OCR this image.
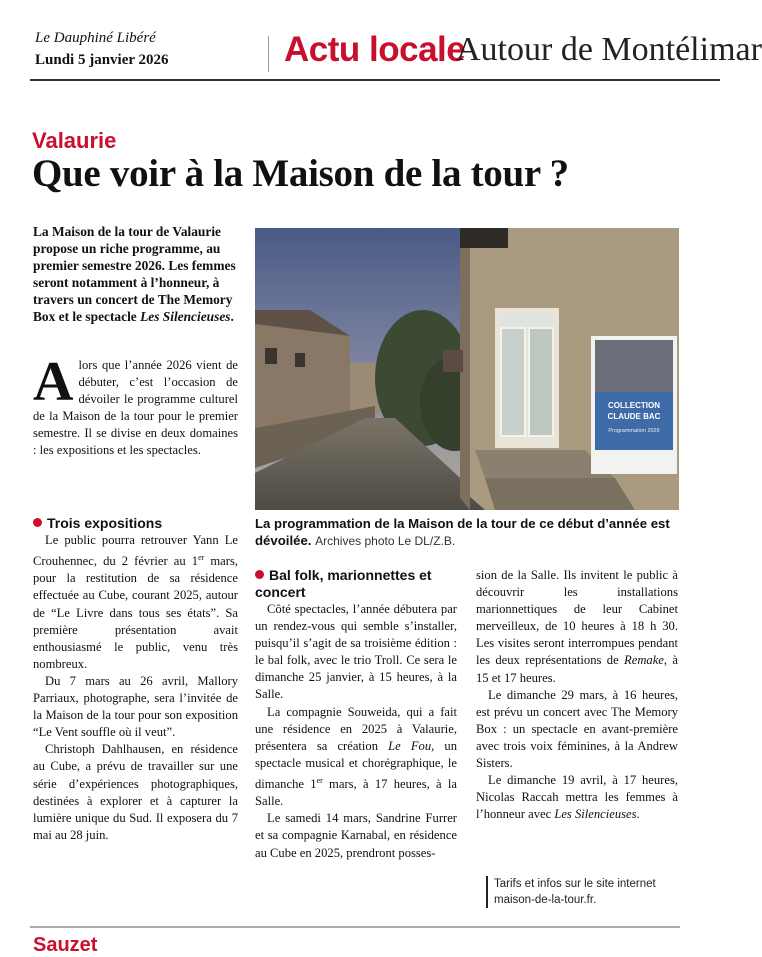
Le Dauphiné Libéré
Lundi 5 janvier 2026	Actu locale
Autour de Montélimar
Valaurie
Que voir à la Maison de la tour ?
La Maison de la tour de Valaurie propose un riche programme, au premier semestre 2026. Les femmes seront notamment à l’honneur, à travers un concert de The Memory Box et le spectacle Les Silencieuses.
A lors que l’année 2026 vient de débuter, c’est l’occasion de dévoiler le programme culturel de la Maison de la tour pour le premier semestre. Il se divise en deux domaines : les expositions et les spectacles.

Trois expositions

Le public pourra retrouver Yann Le Crouhennec, du 2 février au 1er mars, pour la restitution de sa résidence effectuée au Cube, courant 2025, autour de “Le Livre dans tous ses états”. Sa première présentation avait enthousiasmé le public, venu très nombreux.

Du 7 mars au 26 avril, Mallory Parriaux, photographe, sera l’invitée de la Maison de la tour pour son exposition “Le Vent souffle où il veut”.

Christoph Dahlhausen, en résidence au Cube, a prévu de travailler sur une série d’expériences photographiques, destinées à explorer et à capturer la lumière unique du Sud. Il exposera du 7 mai au 28 juin.

COLLECTION
CLAUDE BAC
Programmation 2026
La programmation de la Maison de la tour de ce début d’année est dévoilée. Archives photo Le DL/Z.B.
Bal folk, marionnettes et concert

Côté spectacles, l’année débutera par un rendez-vous qui semble s’installer, puisqu’il s’agit de sa troisième édition : le bal folk, avec le trio Troll. Ce sera le dimanche 25 janvier, à 15 heures, à la Salle.

La compagnie Souweida, qui a fait une résidence en 2025 à Valaurie, présentera sa création Le Fou, un spectacle musical et chorégraphique, le dimanche 1er mars, à 17 heures, à la Salle.

Le samedi 14 mars, Sandrine Furrer et sa compagnie Karnabal, en résidence au Cube en 2025, prendront posses-

sion de la Salle. Ils invitent le public à découvrir les installations marionnettiques de leur Cabinet merveilleux, de 10 heures à 18 h 30. Les visites seront interrompues pendant les deux représentations de Remake, à 15 et 17 heures.

Le dimanche 29 mars, à 16 heures, est prévu un concert avec The Memory Box : un spectacle en avant-première avec trois voix féminines, à la Andrew Sisters.

Le dimanche 19 avril, à 17 heures, Nicolas Raccah mettra les femmes à l’honneur avec Les Silencieuses.

Tarifs et infos sur le site internet maison-de-la-tour.fr.
Sauzet
